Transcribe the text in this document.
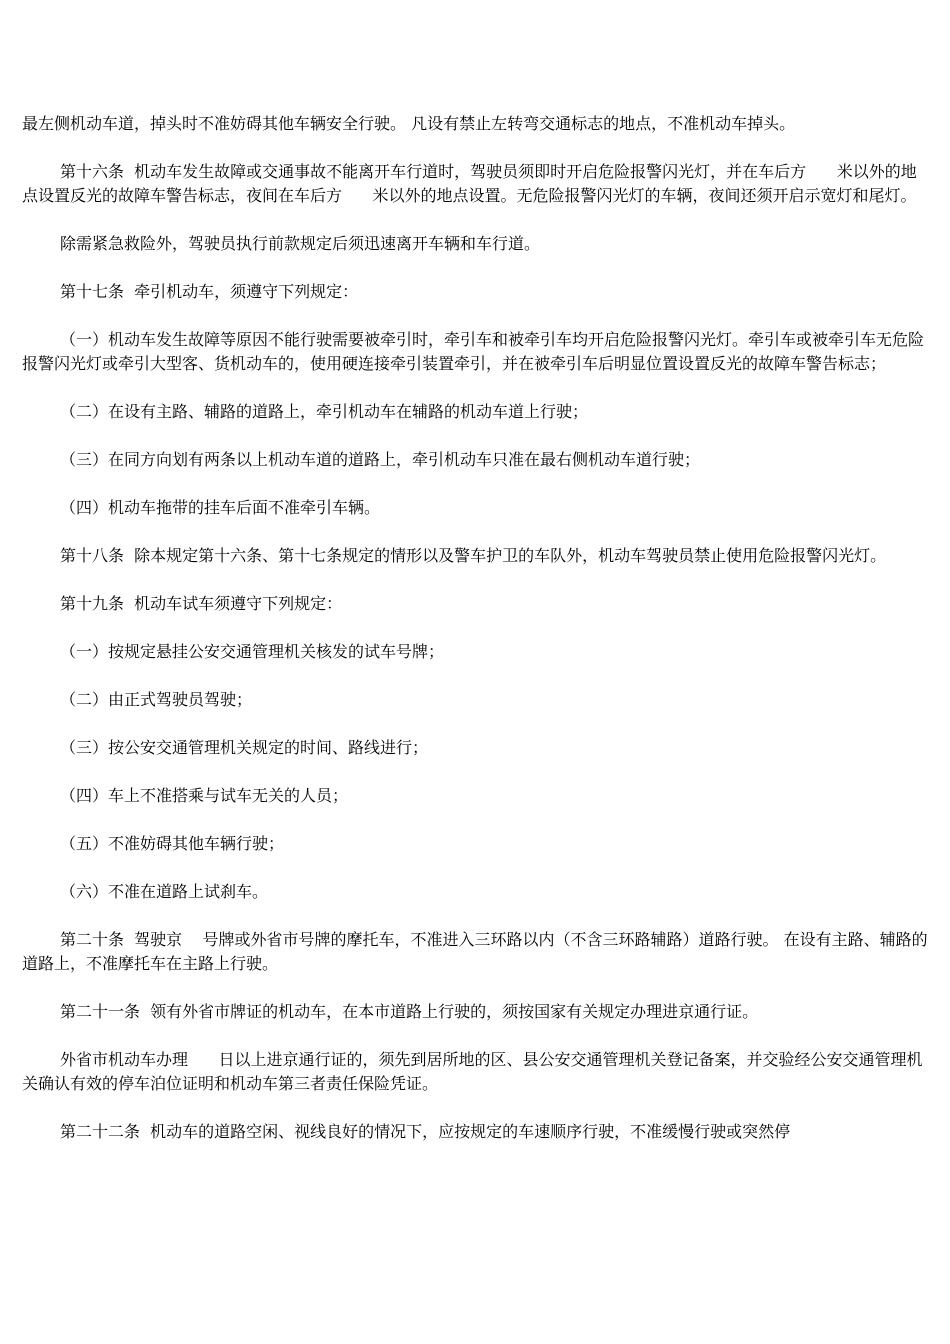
最左侧机动车道，掉头时不准妨碍其他车辆安全行驶。 凡设有禁止左转弯交通标志的地点，不准机动车掉头。

第十六条  机动车发生故障或交通事故不能离开车行道时，驾驶员须即时开启危险报警闪光灯，并在车后方      米以外的地点设置反光的故障车警告标志，夜间在车后方      米以外的地点设置。无危险报警闪光灯的车辆，夜间还须开启示宽灯和尾灯。

除需紧急救险外，驾驶员执行前款规定后须迅速离开车辆和车行道。

第十七条  牵引机动车，须遵守下列规定：

（一）机动车发生故障等原因不能行驶需要被牵引时，牵引车和被牵引车均开启危险报警闪光灯。牵引车或被牵引车无危险报警闪光灯或牵引大型客、货机动车的，使用硬连接牵引装置牵引，并在被牵引车后明显位置设置反光的故障车警告标志；

（二）在设有主路、辅路的道路上，牵引机动车在辅路的机动车道上行驶；

（三）在同方向划有两条以上机动车道的道路上，牵引机动车只准在最右侧机动车道行驶；

（四）机动车拖带的挂车后面不准牵引车辆。

第十八条  除本规定第十六条、第十七条规定的情形以及警车护卫的车队外，机动车驾驶员禁止使用危险报警闪光灯。

第十九条  机动车试车须遵守下列规定：

（一）按规定悬挂公安交通管理机关核发的试车号牌；

（二）由正式驾驶员驾驶；

（三）按公安交通管理机关规定的时间、路线进行；

（四）车上不准搭乘与试车无关的人员；

（五）不准妨碍其他车辆行驶；

（六）不准在道路上试刹车。

第二十条  驾驶京    号牌或外省市号牌的摩托车，不准进入三环路以内（不含三环路辅路）道路行驶。 在设有主路、辅路的道路上，不准摩托车在主路上行驶。

第二十一条  领有外省市牌证的机动车，在本市道路上行驶的，须按国家有关规定办理进京通行证。

外省市机动车办理      日以上进京通行证的，须先到居所地的区、县公安交通管理机关登记备案，并交验经公安交通管理机关确认有效的停车泊位证明和机动车第三者责任保险凭证。

第二十二条  机动车的道路空闲、视线良好的情况下，应按规定的车速顺序行驶，不准缓慢行驶或突然停
